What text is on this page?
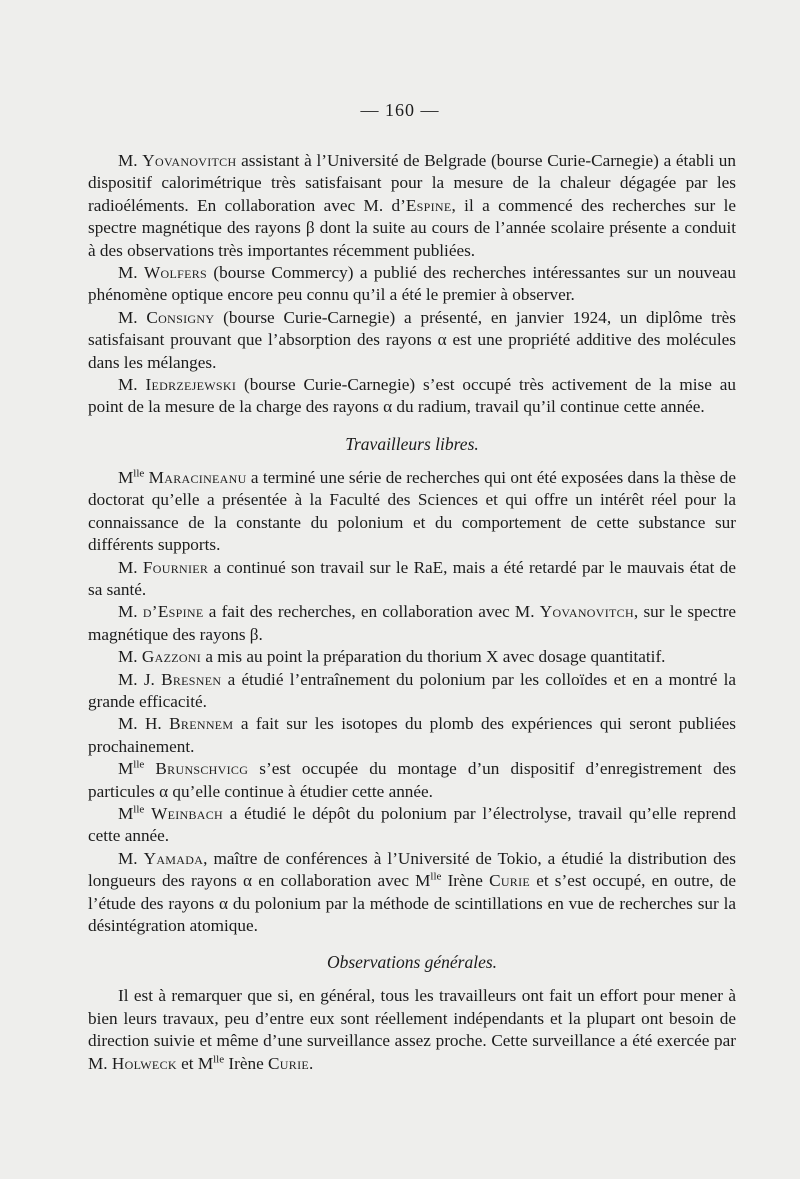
— 160 —

M. Yovanovitch assistant à l’Université de Belgrade (bourse Curie-Carnegie) a établi un dispositif calorimétrique très satisfaisant pour la mesure de la chaleur dégagée par les radioéléments. En collaboration avec M. d’Espine, il a commencé des recherches sur le spectre magnétique des rayons β dont la suite au cours de l’année scolaire présente a conduit à des observations très importantes récemment publiées.

M. Wolfers (bourse Commercy) a publié des recherches intéressantes sur un nouveau phénomène optique encore peu connu qu’il a été le premier à observer.

M. Consigny (bourse Curie-Carnegie) a présenté, en janvier 1924, un diplôme très satisfaisant prouvant que l’absorption des rayons α est une propriété additive des molécules dans les mélanges.

M. Iedrzejewski (bourse Curie-Carnegie) s’est occupé très activement de la mise au point de la mesure de la charge des rayons α du radium, travail qu’il continue cette année.

Travailleurs libres.

$M^{lle}$ Maracineanu a terminé une série de recherches qui ont été exposées dans la thèse de doctorat qu’elle a présentée à la Faculté des Sciences et qui offre un intérêt réel pour la connaissance de la constante du polonium et du comportement de cette substance sur différents supports.

M. Fournier a continué son travail sur le RaE, mais a été retardé par le mauvais état de sa santé.

M. d’Espine a fait des recherches, en collaboration avec M. Yovanovitch, sur le spectre magnétique des rayons β.

M. Gazzoni a mis au point la préparation du thorium X avec dosage quantitatif.

M. J. Bresnen a étudié l’entraînement du polonium par les colloïdes et en a montré la grande efficacité.

M. H. Brennem a fait sur les isotopes du plomb des expériences qui seront publiées prochainement.

$M^{lle}$ Brunschvicg s’est occupée du montage d’un dispositif d’enregistrement des particules α qu’elle continue à étudier cette année.

$M^{lle}$ Weinbach a étudié le dépôt du polonium par l’électrolyse, travail qu’elle reprend cette année.

M. Yamada, maître de conférences à l’Université de Tokio, a étudié la distribution des longueurs des rayons α en collaboration avec $M^{lle}$ Irène Curie et s’est occupé, en outre, de l’étude des rayons α du polonium par la méthode de scintillations en vue de recherches sur la désintégration atomique.

Observations générales.

Il est à remarquer que si, en général, tous les travailleurs ont fait un effort pour mener à bien leurs travaux, peu d’entre eux sont réellement indépendants et la plupart ont besoin de direction suivie et même d’une surveillance assez proche. Cette surveillance a été exercée par M. Holweck et $M^{lle}$ Irène Curie.
